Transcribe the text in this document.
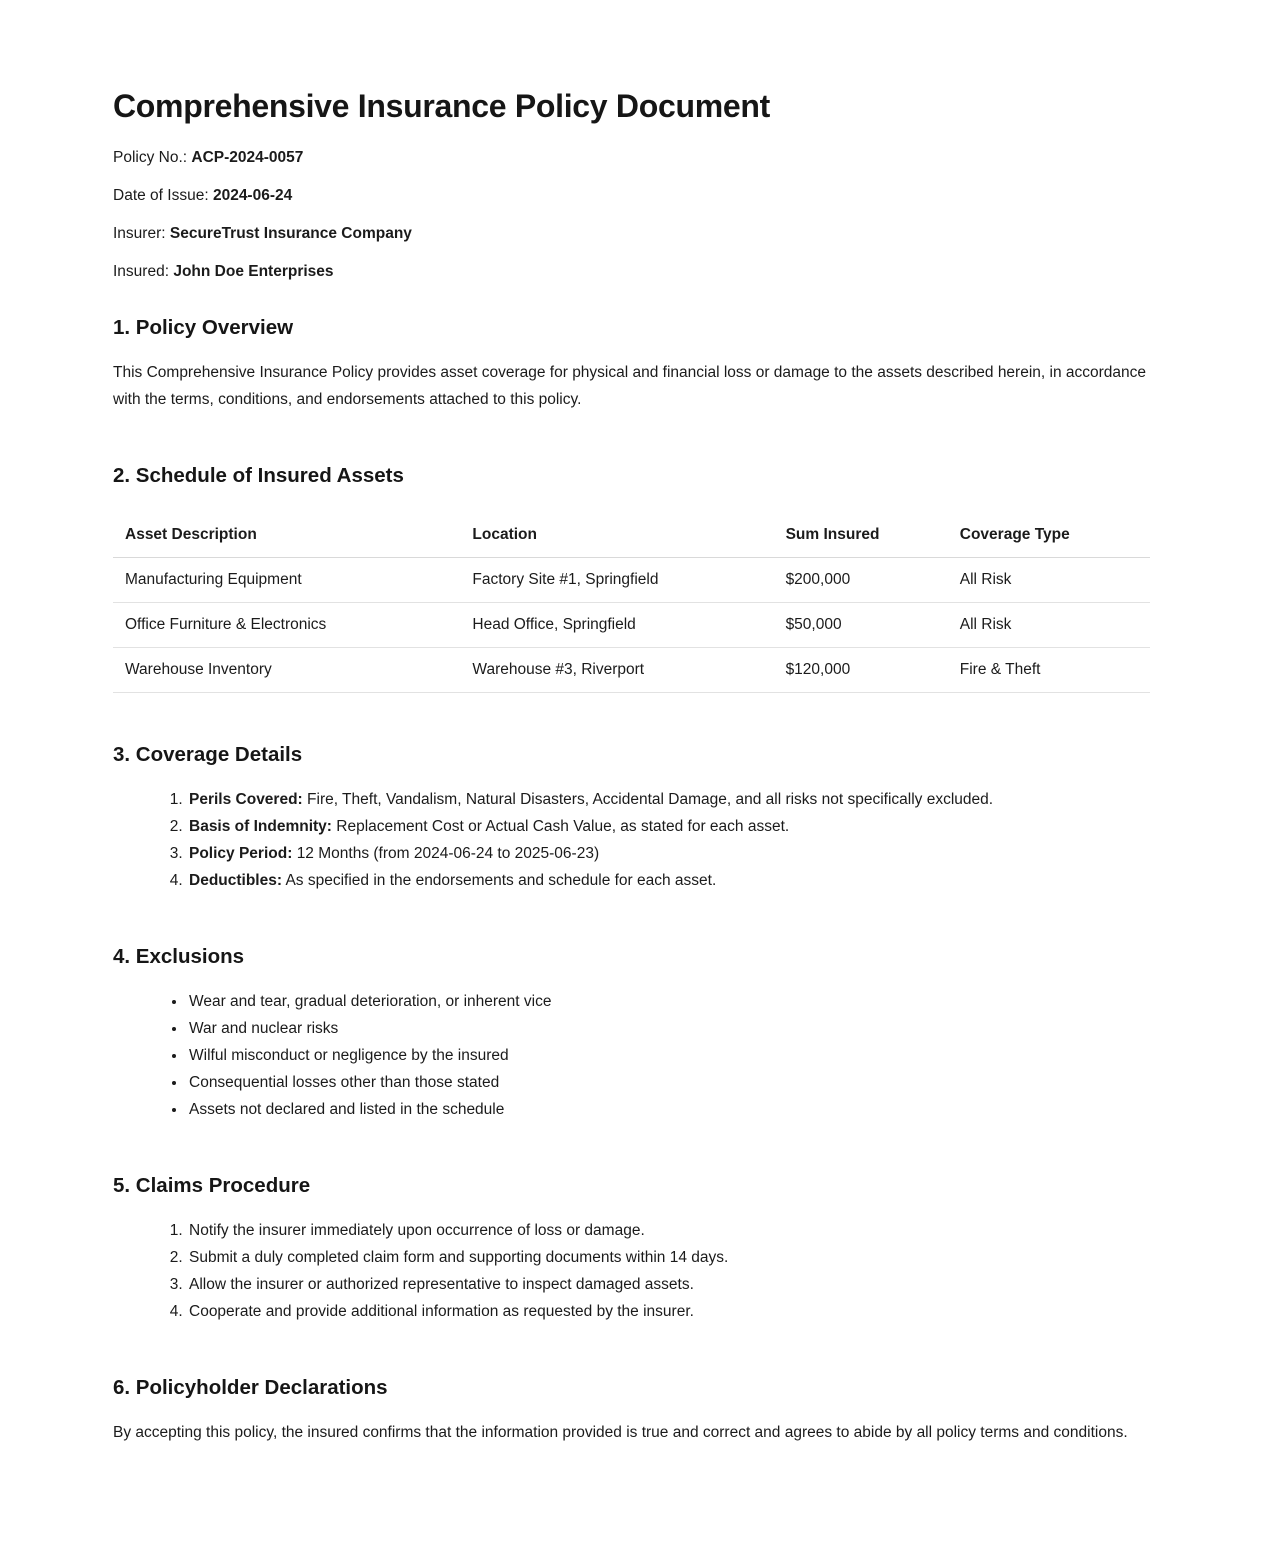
Comprehensive Insurance Policy Document

Policy No.: ACP-2024-0057

Date of Issue: 2024-06-24

Insurer: SecureTrust Insurance Company

Insured: John Doe Enterprises

1. Policy Overview

This Comprehensive Insurance Policy provides asset coverage for physical and financial loss or damage to the assets described herein, in accordance with the terms, conditions, and endorsements attached to this policy.

2. Schedule of Insured Assets
Asset Description	Location	Sum Insured	Coverage Type
Manufacturing Equipment	Factory Site #1, Springfield	$200,000	All Risk
Office Furniture & Electronics	Head Office, Springfield	$50,000	All Risk
Warehouse Inventory	Warehouse #3, Riverport	$120,000	Fire & Theft
3. Coverage Details
1. Perils Covered: Fire, Theft, Vandalism, Natural Disasters, Accidental Damage, and all risks not specifically excluded.
2. Basis of Indemnity: Replacement Cost or Actual Cash Value, as stated for each asset.
3. Policy Period: 12 Months (from 2024-06-24 to 2025-06-23)
4. Deductibles: As specified in the endorsements and schedule for each asset.
4. Exclusions
• Wear and tear, gradual deterioration, or inherent vice
• War and nuclear risks
• Wilful misconduct or negligence by the insured
• Consequential losses other than those stated
• Assets not declared and listed in the schedule
5. Claims Procedure
1. Notify the insurer immediately upon occurrence of loss or damage.
2. Submit a duly completed claim form and supporting documents within 14 days.
3. Allow the insurer or authorized representative to inspect damaged assets.
4. Cooperate and provide additional information as requested by the insurer.
6. Policyholder Declarations

By accepting this policy, the insured confirms that the information provided is true and correct and agrees to abide by all policy terms and conditions.
